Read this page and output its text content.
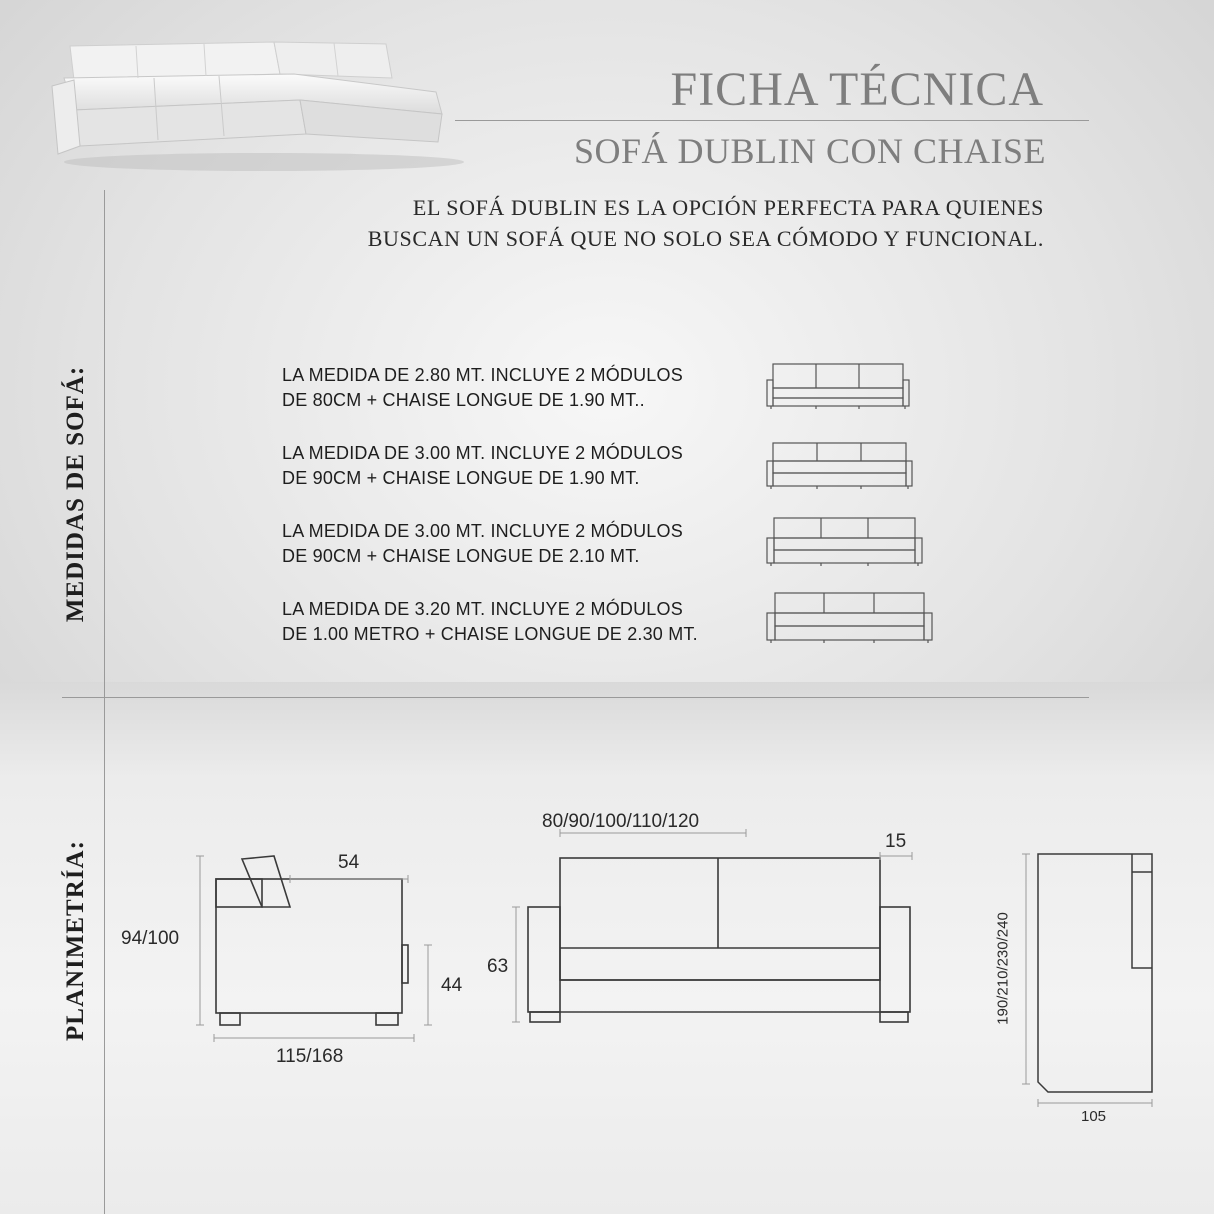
FICHA TÉCNICA
SOFÁ DUBLIN CON CHAISE
EL SOFÁ DUBLIN ES LA OPCIÓN PERFECTA PARA QUIENES
BUSCAN UN SOFÁ QUE NO SOLO SEA CÓMODO Y FUNCIONAL.
MEDIDAS DE SOFÁ:
PLANIMETRÍA:
LA MEDIDA DE 2.80 MT. INCLUYE 2 MÓDULOS
DE 80CM + CHAISE LONGUE DE 1.90 MT..
LA MEDIDA DE 3.00 MT. INCLUYE 2 MÓDULOS
DE 90CM + CHAISE LONGUE DE 1.90 MT.
LA MEDIDA DE 3.00 MT. INCLUYE 2 MÓDULOS
DE 90CM + CHAISE LONGUE DE 2.10 MT.
LA MEDIDA DE 3.20 MT. INCLUYE 2 MÓDULOS
DE 1.00 METRO + CHAISE LONGUE DE 2.30 MT.
94/100
54
44
115/168
80/90/100/110/120
15
63	190/210/230/240
105
